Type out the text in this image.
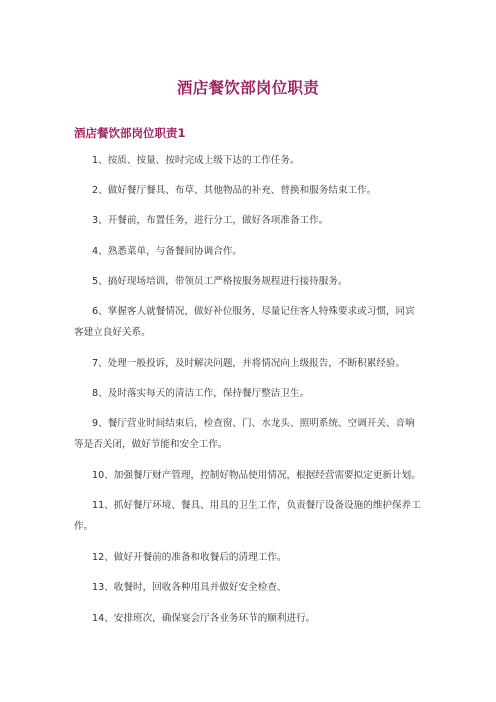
酒店餐饮部岗位职责
酒店餐饮部岗位职责1
1、按质、按量、按时完成上级下达的工作任务。
2、做好餐厅餐具、布草、其他物品的补充、替换和服务结束工作。
3、开餐前，布置任务，进行分工，做好各项准备工作。
4、熟悉菜单，与备餐间协调合作。
5、搞好现场培训，带领员工严格按服务规程进行接待服务。
6、掌握客人就餐情况，做好补位服务，尽量记住客人特殊要求或习惯，同宾客建立良好关系。
7、处理一般投诉，及时解决问题，并将情况向上级报告，不断积累经验。
8、及时落实每天的清洁工作，保持餐厅整洁卫生。
9、餐厅营业时间结束后，检查窗、门、水龙头、照明系统、空调开关、音响等是否关闭，做好节能和安全工作。
10、加强餐厅财产管理，控制好物品使用情况，根据经营需要拟定更新计划。
11、抓好餐厅环境、餐具、用具的卫生工作，负责餐厅设备设施的维护保养工作。
12、做好开餐前的准备和收餐后的清理工作。
13、收餐时，回收各种用具并做好安全检查、
14、安排班次，确保宴会厅各业务环节的顺利进行。
